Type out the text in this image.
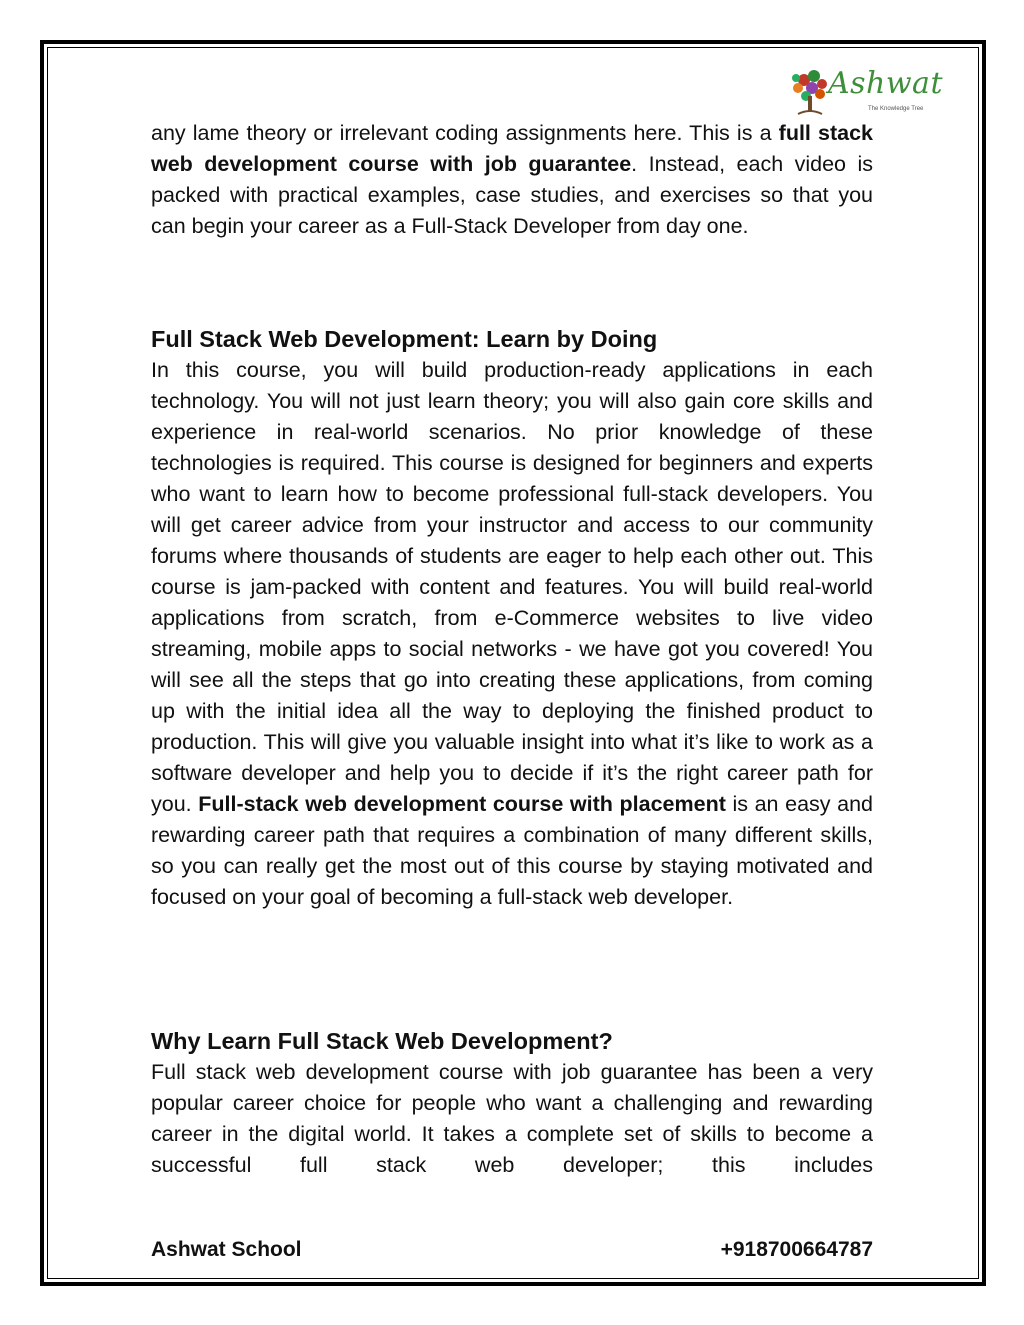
Ashwat
The Knowledge Tree

any lame theory or irrelevant coding assignments here. This is a full stack web development course with job guarantee. Instead, each video is packed with practical examples, case studies, and exercises so that you can begin your career as a Full-Stack Developer from day one.

Full Stack Web Development: Learn by Doing

In this course, you will build production-ready applications in each technology. You will not just learn theory; you will also gain core skills and experience in real-world scenarios. No prior knowledge of these technologies is required. This course is designed for beginners and experts who want to learn how to become professional full-stack developers. You will get career advice from your instructor and access to our community forums where thousands of students are eager to help each other out. This course is jam-packed with content and features. You will build real-world applications from scratch, from e-Commerce websites to live video streaming, mobile apps to social networks - we have got you covered! You will see all the steps that go into creating these applications, from coming up with the initial idea all the way to deploying the finished product to production. This will give you valuable insight into what it’s like to work as a software developer and help you to decide if it’s the right career path for you. Full-stack web development course with placement is an easy and rewarding career path that requires a combination of many different skills, so you can really get the most out of this course by staying motivated and focused on your goal of becoming a full-stack web developer.

Why Learn Full Stack Web Development?

Full stack web development course with job guarantee has been a very popular career choice for people who want a challenging and rewarding career in the digital world. It takes a complete set of skills to become a successful full stack web developer; this includes

Ashwat School	+918700664787
